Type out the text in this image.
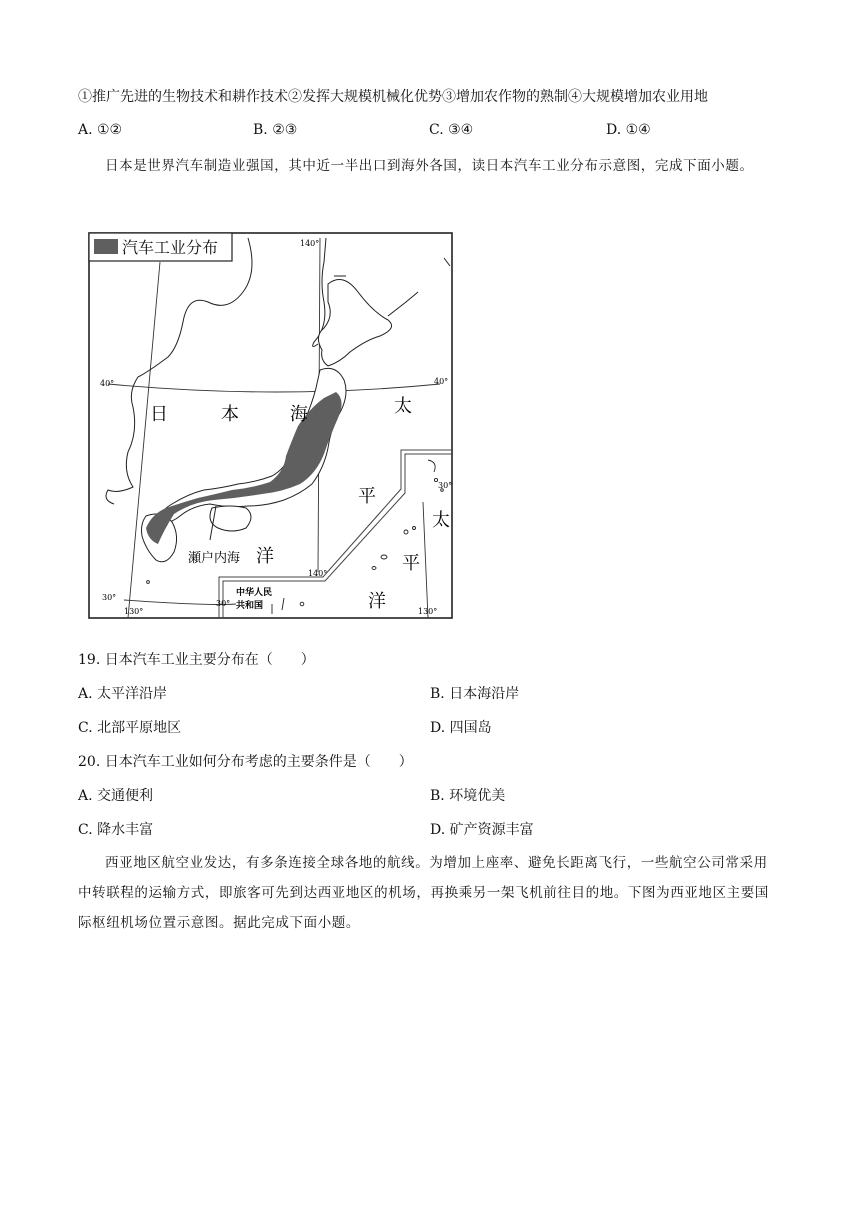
①推广先进的生物技术和耕作技术②发挥大规模机械化优势③增加农作物的熟制④大规模增加农业用地
A. ①②	B. ②③	C. ③④	D. ①④
日本是世界汽车制造业强国，其中近一半出口到海外各国，读日本汽车工业分布示意图，完成下面小题。
汽车工业分布
日	本	海	太
平
洋
太
平
洋
瀬户内海
中华人民
共和国
140°
140°
40°	40°
30°
30°
30°
130°	130°
19. 日本汽车工业主要分布在（　　）
A. 太平洋沿岸	B. 日本海沿岸
C. 北部平原地区	D. 四国岛
20. 日本汽车工业如何分布考虑的主要条件是（　　）
A. 交通便利	B. 环境优美
C. 降水丰富	D. 矿产资源丰富
西亚地区航空业发达，有多条连接全球各地的航线。为增加上座率、避免长距离飞行，一些航空公司常采用中转联程的运输方式，即旅客可先到达西亚地区的机场，再换乘另一架飞机前往目的地。下图为西亚地区主要国际枢纽机场位置示意图。据此完成下面小题。
